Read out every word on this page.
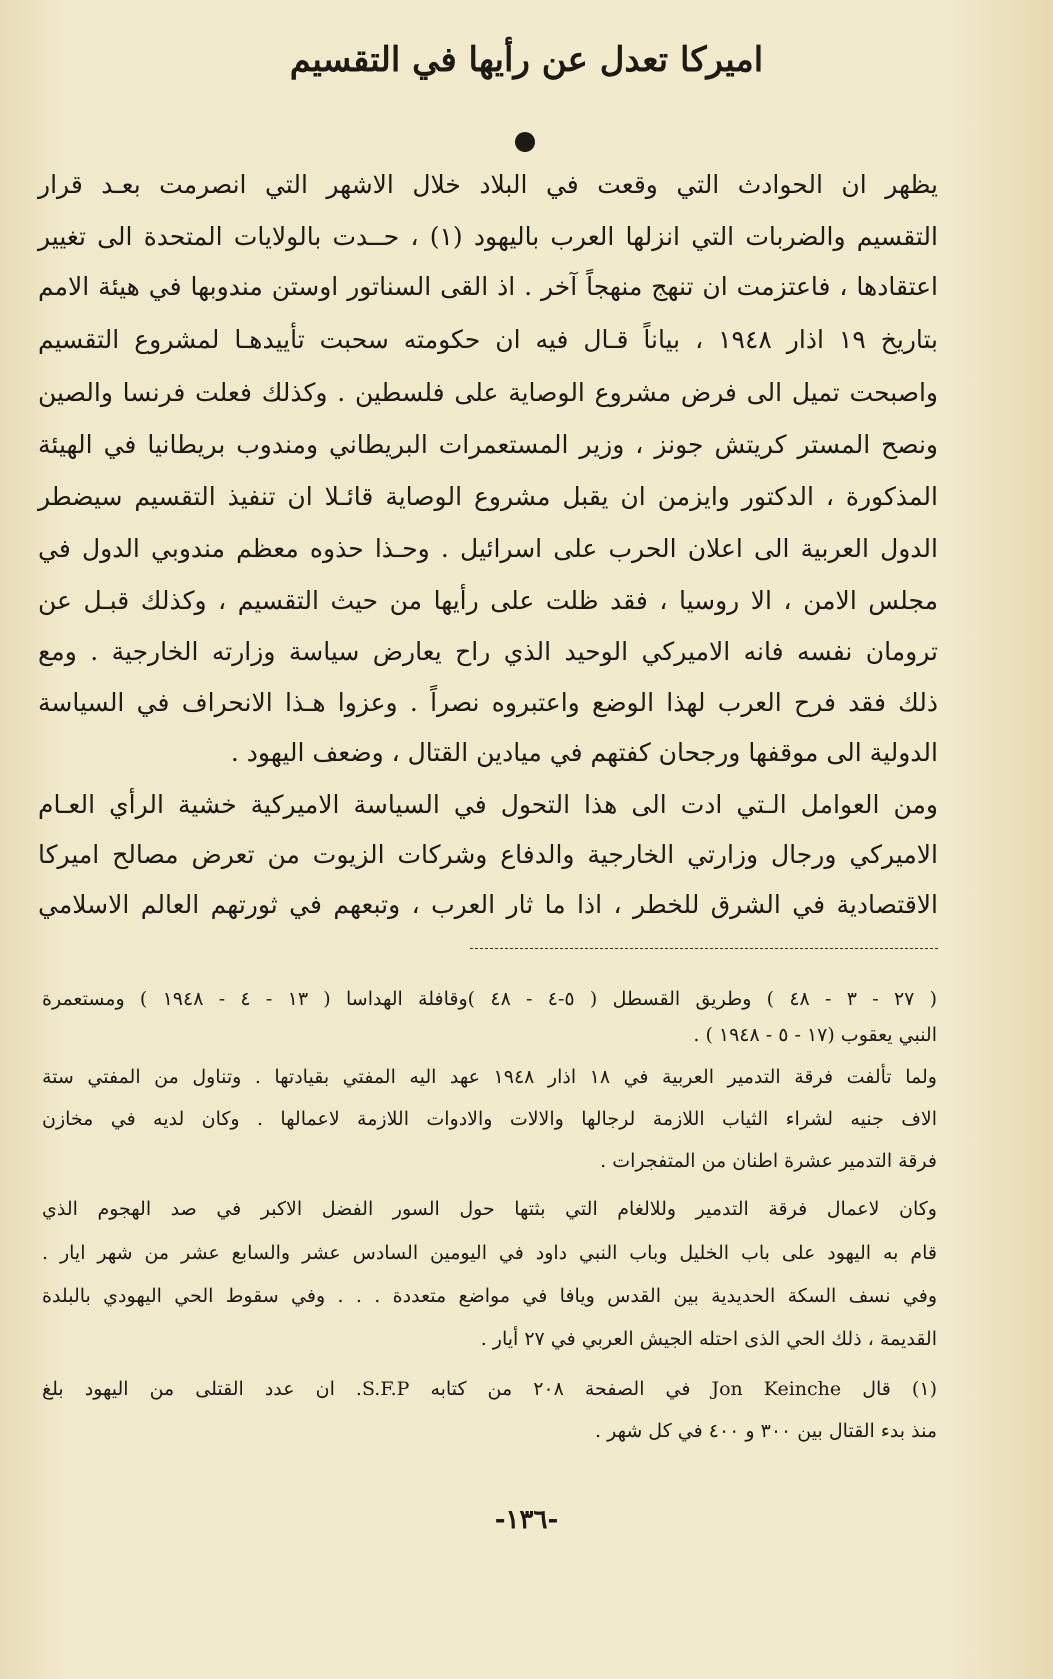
اميركا تعدل عن رأيها في التقسيم
يظهر ان الحوادث التي وقعت في البلاد خلال الاشهر التي انصرمت بعـد قرار
التقسيم والضربات التي انزلها العرب باليهود (١) ، حــدت بالولايات المتحدة الى تغيير
اعتقادها ، فاعتزمت ان تنهج منهجاً آخر . اذ القى السناتور اوستن مندوبها في هيئة الامم
بتاريخ ١٩ اذار ١٩٤٨ ، بياناً قـال فيه ان حكومته سحبت تأييدهـا لمشروع التقسيم
واصبحت تميل الى فرض مشروع الوصاية على فلسطين . وكذلك فعلت فرنسا والصين
ونصح المستر كريتش جونز ، وزير المستعمرات البريطاني ومندوب بريطانيا في الهيئة
المذكورة ، الدكتور وايزمن ان يقبل مشروع الوصاية قائـلا ان تنفيذ التقسيم سيضطر
الدول العربية الى اعلان الحرب على اسرائيل . وحـذا حذوه معظم مندوبي الدول في
مجلس الامن ، الا روسيا ، فقد ظلت على رأيها من حيث التقسيم ، وكذلك قبـل عن
ترومان نفسه فانه الاميركي الوحيد الذي راح يعارض سياسة وزارته الخارجية . ومع
ذلك فقد فرح العرب لهذا الوضع واعتبروه نصراً . وعزوا هـذا الانحراف في السياسة
الدولية الى موقفها ورجحان كفتهم في ميادين القتال ، وضعف اليهود .
ومن العوامل الـتي ادت الى هذا التحول في السياسة الاميركية خشية الرأي العـام
الاميركي ورجال وزارتي الخارجية والدفاع وشركات الزيوت من تعرض مصالح اميركا
الاقتصادية في الشرق للخطر ، اذا ما ثار العرب ، وتبعهم في ثورتهم العالم الاسلامي
( ٢٧ - ٣ - ٤٨ ) وطريق القسطل ( ٥-٤ - ٤٨ )وقافلة الهداسا ( ١٣ - ٤ - ١٩٤٨ ) ومستعمرة
النبي يعقوب (١٧ - ٥ - ١٩٤٨ ) .
ولما تألفت فرقة التدمير العربية في ١٨ اذار ١٩٤٨ عهد اليه المفتي بقيادتها . وتناول من المفتي ستة
الاف جنيه لشراء الثياب اللازمة لرجالها والالات والادوات اللازمة لاعمالها . وكان لديه في مخازن
فرقة التدمير عشرة اطنان من المتفجرات .
وكان لاعمال فرقة التدمير وللالغام التي بثتها حول السور الفضل الاكبر في صد الهجوم الذي
قام به اليهود على باب الخليل وباب النبي داود في اليومين السادس عشر والسابع عشر من شهر ايار .
وفي نسف السكة الحديدية بين القدس ويافا في مواضع متعددة . . . وفي سقوط الحي اليهودي بالبلدة
القديمة ، ذلك الحي الذى احتله الجيش العربي في ٢٧ أيار .
(١) قال Jon Keinche في الصفحة ٢٠٨ من كتابه S.F.P. ان عدد القتلى من اليهود بلغ
منذ بدء القتال بين ٣٠٠ و ٤٠٠ في كل شهر .
-١٣٦-
